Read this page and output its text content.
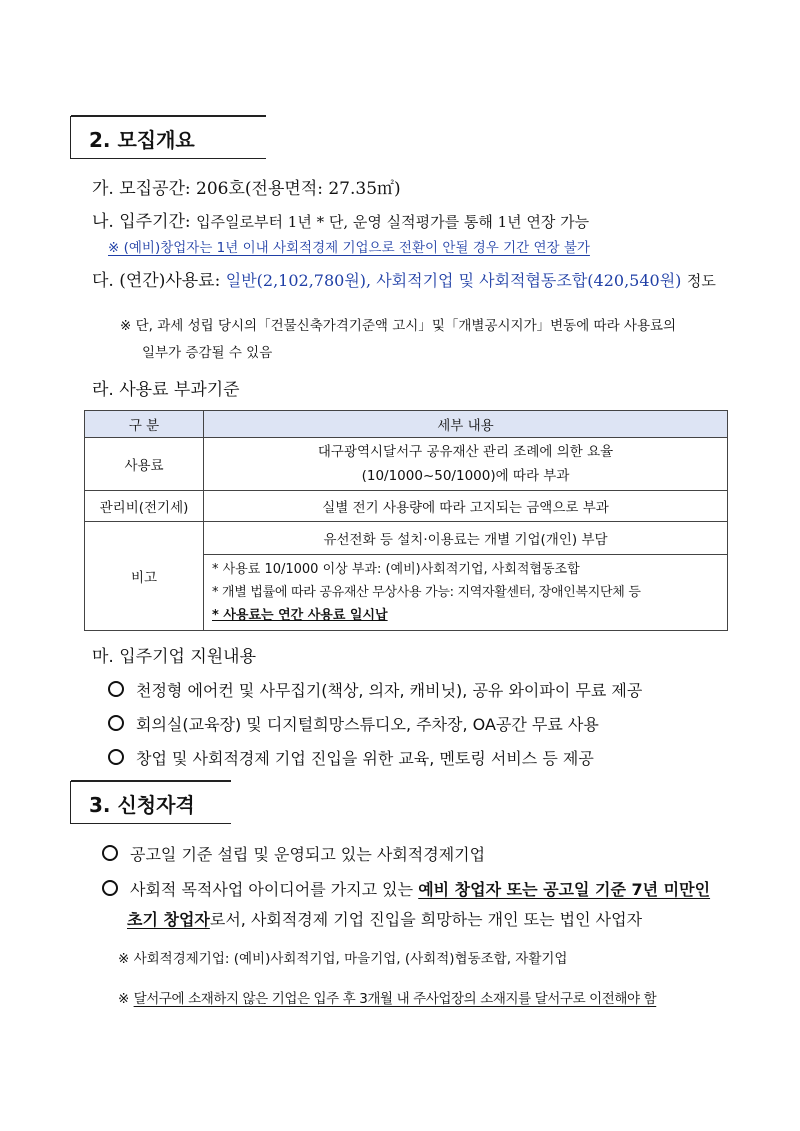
2. 모집개요
가. 모집공간: 206호(전용면적: 27.35㎡)
나. 입주기간: 입주일로부터 1년 * 단, 운영 실적평가를 통해 1년 연장 가능
※ (예비)창업자는 1년 이내 사회적경제 기업으로 전환이 안될 경우 기간 연장 불가
다. (연간)사용료: 일반(2,102,780원), 사회적기업 및 사회적협동조합(420,540원) 정도
※ 단, 과세 성립 당시의「건물신축가격기준액 고시」및「개별공시지가」변동에 따라 사용료의
일부가 증감될 수 있음
라. 사용료 부과기준
구 분	세부 내용
사용료	대구광역시달서구 공유재산 관리 조례에 의한 요율
(10/1000~50/1000)에 따라 부과

관리비(전기세)	실별 전기 사용량에 따라 고지되는 금액으로 부과
비고	유선전화 등 설치·이용료는 개별 기업(개인) 부담

	* 사용료 10/1000 이상 부과: (예비)사회적기업, 사회적협동조합
* 개별 법률에 따라 공유재산 무상사용 가능: 지역자활센터, 장애인복지단체 등
* 사용료는 연간 사용료 일시납
마. 입주기업 지원내용
천정형 에어컨 및 사무집기(책상, 의자, 캐비닛), 공유 와이파이 무료 제공
회의실(교육장) 및 디지털희망스튜디오, 주차장, OA공간 무료 사용
창업 및 사회적경제 기업 진입을 위한 교육, 멘토링 서비스 등 제공
3. 신청자격
공고일 기준 설립 및 운영되고 있는 사회적경제기업
사회적 목적사업 아이디어를 가지고 있는 예비 창업자 또는 공고일 기준 7년 미만인
초기 창업자로서, 사회적경제 기업 진입을 희망하는 개인 또는 법인 사업자
※ 사회적경제기업: (예비)사회적기업, 마을기업, (사회적)협동조합, 자활기업
※ 달서구에 소재하지 않은 기업은 입주 후 3개월 내 주사업장의 소재지를 달서구로 이전해야 함
